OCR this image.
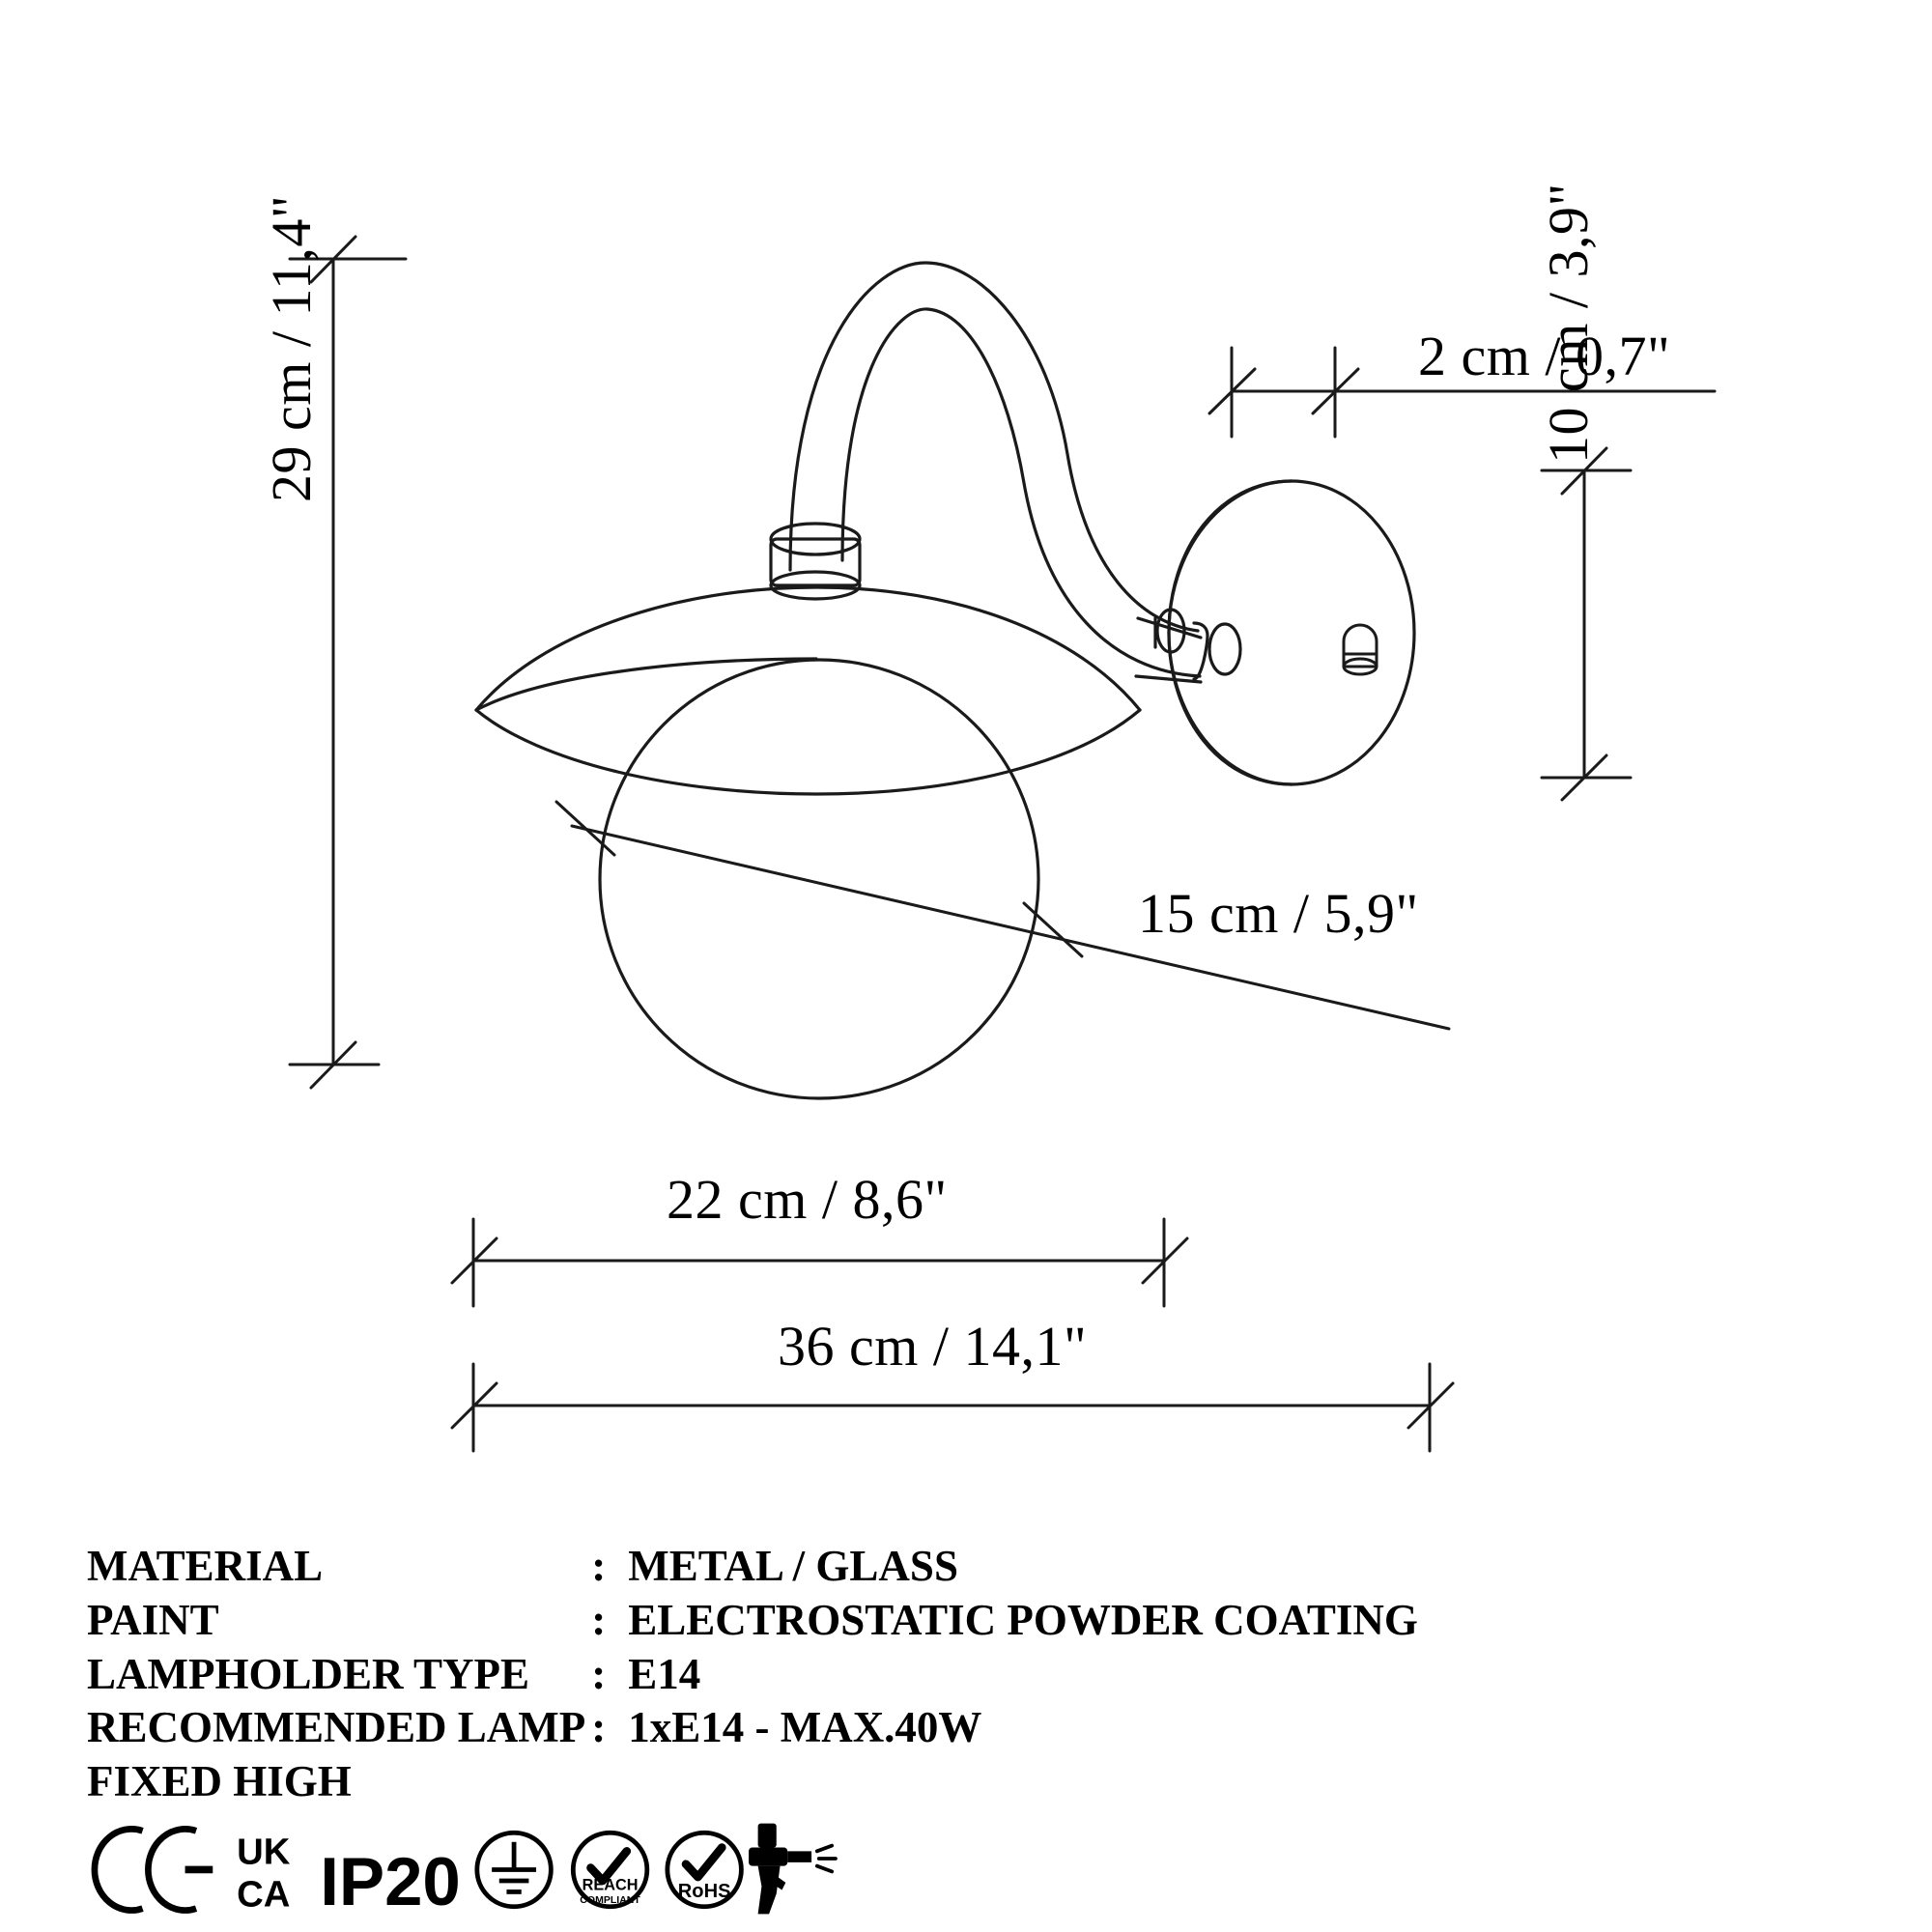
29 cm / 11,4"	2 cm / 0,7"
10 cm / 3,9"
15 cm / 5,9"
22 cm / 8,6"
36 cm / 14,1"
MATERIAL	:	METAL / GLASS
PAINT	:	ELECTROSTATIC POWDER COATING
LAMPHOLDER TYPE	:	E14
RECOMMENDED LAMP	:	1xE14 - MAX.40W
FIXED HIGH		
UK
CA IP20	REACH
COMPLIANT RoHS
